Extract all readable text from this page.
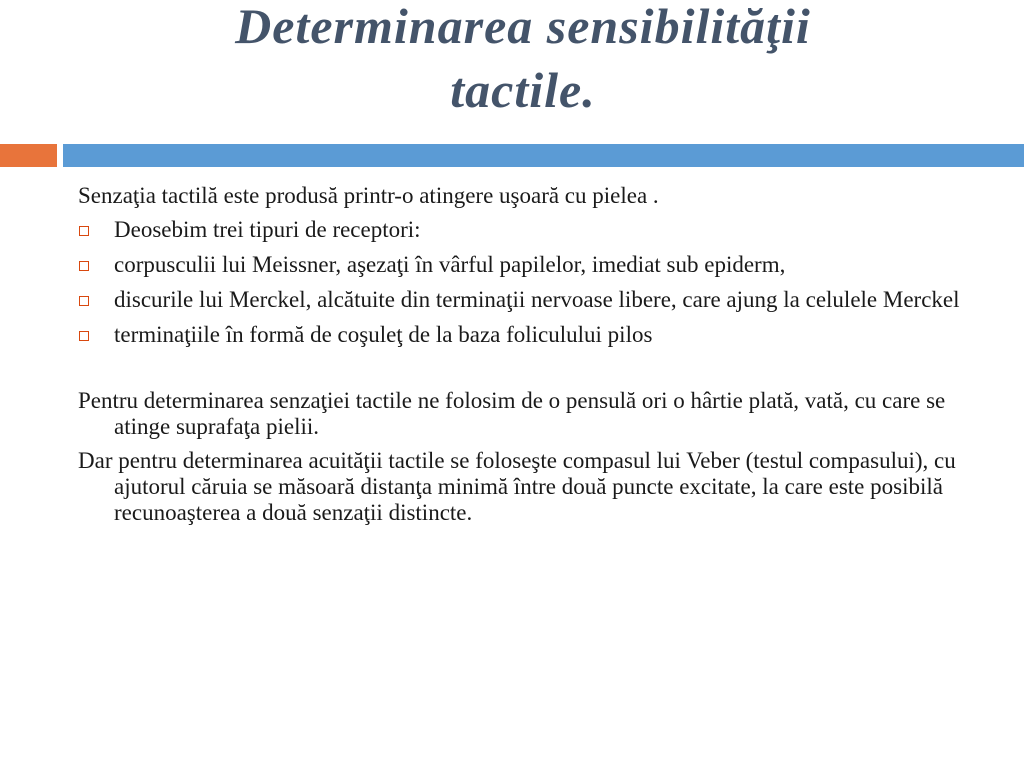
Determinarea sensibilităţii
tactile.

Senzaţia tactilă este produsă printr-o atingere uşoară cu pielea .

Deosebim trei tipuri de receptori:
corpusculii lui Meissner, aşezaţi în vârful papilelor, imediat sub epiderm,
discurile lui Merckel, alcătuite din terminaţii nervoase libere, care ajung la celulele Merckel
terminaţiile în formă de coşuleţ de la baza foliculului pilos

Pentru determinarea senzaţiei tactile ne folosim de o pensulă ori o hârtie plată, vată, cu care se atinge suprafaţa pielii.

Dar pentru determinarea acuităţii tactile se foloseşte compasul lui Veber (testul compasului), cu ajutorul căruia se măsoară distanţa minimă între două puncte excitate, la care este posibilă recunoaşterea a două senzaţii distincte.
